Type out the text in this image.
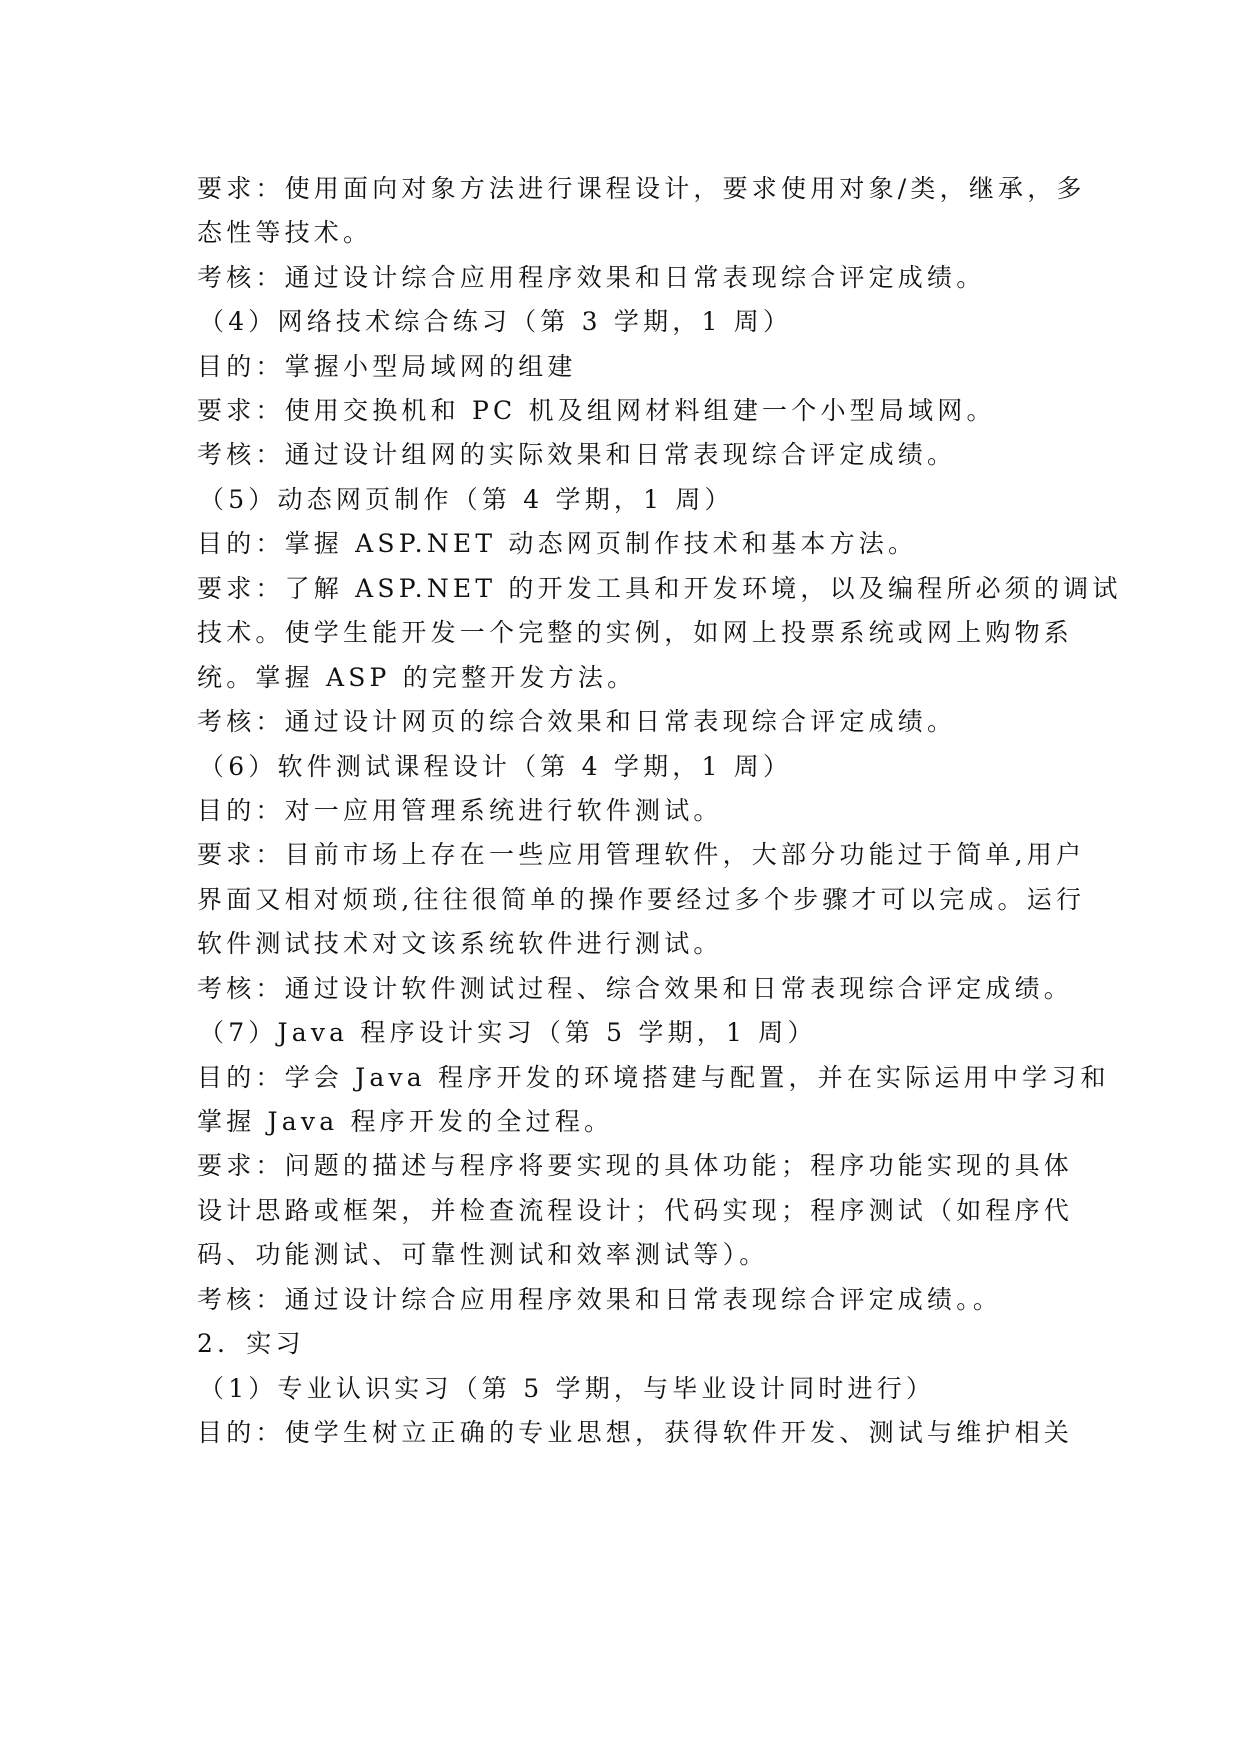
要求：使用面向对象方法进行课程设计，要求使用对象/类，继承，多
态性等技术。
考核：通过设计综合应用程序效果和日常表现综合评定成绩。
（4）网络技术综合练习（第 3 学期，1 周）
目的：掌握小型局域网的组建
要求：使用交换机和 PC 机及组网材料组建一个小型局域网。
考核：通过设计组网的实际效果和日常表现综合评定成绩。
（5）动态网页制作（第 4 学期，1 周）
目的：掌握 ASP.NET 动态网页制作技术和基本方法。
要求：了解 ASP.NET 的开发工具和开发环境，以及编程所必须的调试
技术。使学生能开发一个完整的实例，如网上投票系统或网上购物系
统。掌握 ASP 的完整开发方法。
考核：通过设计网页的综合效果和日常表现综合评定成绩。
（6）软件测试课程设计（第 4 学期，1 周）
目的：对一应用管理系统进行软件测试。
要求：目前市场上存在一些应用管理软件，大部分功能过于简单,用户
界面又相对烦琐,往往很简单的操作要经过多个步骤才可以完成。运行
软件测试技术对文该系统软件进行测试。
考核：通过设计软件测试过程、综合效果和日常表现综合评定成绩。
（7）Java 程序设计实习（第 5 学期，1 周）
目的：学会 Java 程序开发的环境搭建与配置，并在实际运用中学习和
掌握 Java 程序开发的全过程。
要求：问题的描述与程序将要实现的具体功能；程序功能实现的具体
设计思路或框架，并检查流程设计；代码实现；程序测试（如程序代
码、功能测试、可靠性测试和效率测试等）。
考核：通过设计综合应用程序效果和日常表现综合评定成绩。。
2．实习
（1）专业认识实习（第 5 学期，与毕业设计同时进行）
目的：使学生树立正确的专业思想，获得软件开发、测试与维护相关
